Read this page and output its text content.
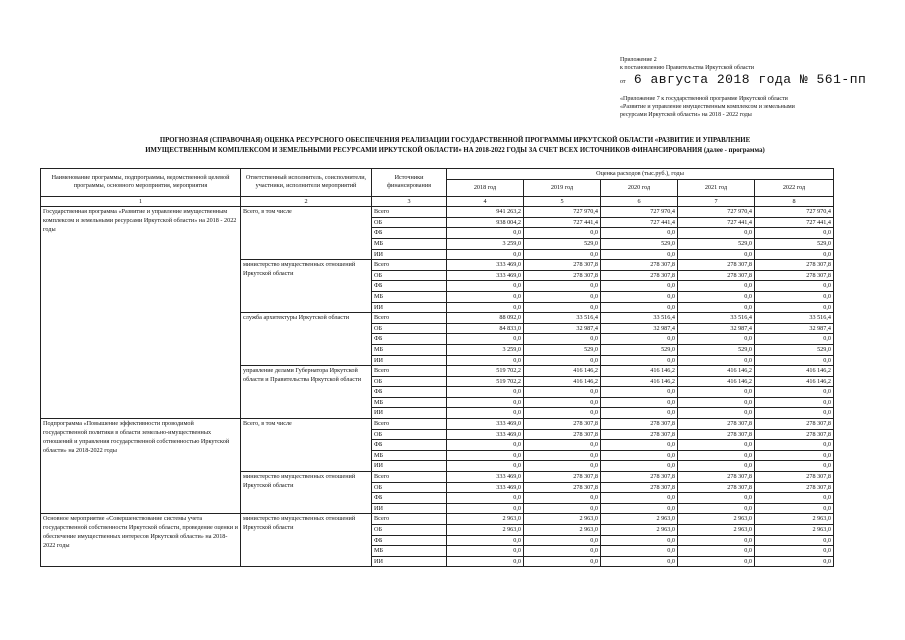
Приложение 2
к постановлению Правительства Иркутской области
от 6 августа 2018 года № 561-пп
«Приложение 7 к государственной программе Иркутской области
«Развитие и управление имущественным комплексом и земельными
ресурсами Иркутской области» на 2018 - 2022 годы
ПРОГНОЗНАЯ (СПРАВОЧНАЯ) ОЦЕНКА РЕСУРСНОГО ОБЕСПЕЧЕНИЯ РЕАЛИЗАЦИИ ГОСУДАРСТВЕННОЙ ПРОГРАММЫ ИРКУТСКОЙ ОБЛАСТИ «РАЗВИТИЕ И УПРАВЛЕНИЕ
ИМУЩЕСТВЕННЫМ КОМПЛЕКСОМ И ЗЕМЕЛЬНЫМИ РЕСУРСАМИ ИРКУТСКОЙ ОБЛАСТИ» НА 2018-2022 ГОДЫ ЗА СЧЕТ ВСЕХ ИСТОЧНИКОВ ФИНАНСИРОВАНИЯ (далее - программа)
Наименование программы, подпрограммы, ведомственной целевой программы, основного мероприятия, мероприятия	Ответственный исполнитель, соисполнители, участники, исполнители мероприятий	Источники финансирования	Оценка расходов (тыс.руб.), годы				
			2018 год	2019 год	2020 год	2021 год	2022 год
1	2	3	4	5	6	7	8
Государственная программа «Развитие и управление имущественным комплексом и земельными ресурсами Иркутской области» на 2018 - 2022 годы	Всего, в том числе	Всего	941 263,2	727 970,4	727 970,4	727 970,4	727 970,4
		ОБ	938 004,2	727 441,4	727 441,4	727 441,4	727 441,4
		ФБ	0,0	0,0	0,0	0,0	0,0
		МБ	3 259,0	529,0	529,0	529,0	529,0
		ИИ	0,0	0,0	0,0	0,0	0,0
	министерство имущественных отношений Иркутской области	Всего	333 469,0	278 307,8	278 307,8	278 307,8	278 307,8
		ОБ	333 469,0	278 307,8	278 307,8	278 307,8	278 307,8
		ФБ	0,0	0,0	0,0	0,0	0,0
		МБ	0,0	0,0	0,0	0,0	0,0
		ИИ	0,0	0,0	0,0	0,0	0,0
	служба архитектуры Иркутской области	Всего	88 092,0	33 516,4	33 516,4	33 516,4	33 516,4
		ОБ	84 833,0	32 987,4	32 987,4	32 987,4	32 987,4
		ФБ	0,0	0,0	0,0	0,0	0,0
		МБ	3 259,0	529,0	529,0	529,0	529,0
		ИИ	0,0	0,0	0,0	0,0	0,0
	управление делами Губернатора Иркутской области и Правительства Иркутской области	Всего	519 702,2	416 146,2	416 146,2	416 146,2	416 146,2
		ОБ	519 702,2	416 146,2	416 146,2	416 146,2	416 146,2
		ФБ	0,0	0,0	0,0	0,0	0,0
		МБ	0,0	0,0	0,0	0,0	0,0
		ИИ	0,0	0,0	0,0	0,0	0,0
Подпрограмма «Повышение эффективности проводимой государственной политики в области земельно-имущественных отношений и управления государственной собственностью Иркутской области» на 2018-2022 годы	Всего, в том числе	Всего	333 469,0	278 307,8	278 307,8	278 307,8	278 307,8
		ОБ	333 469,0	278 307,8	278 307,8	278 307,8	278 307,8
		ФБ	0,0	0,0	0,0	0,0	0,0
		МБ	0,0	0,0	0,0	0,0	0,0
		ИИ	0,0	0,0	0,0	0,0	0,0
	министерство имущественных отношений Иркутской области	Всего	333 469,0	278 307,8	278 307,8	278 307,8	278 307,8
		ОБ	333 469,0	278 307,8	278 307,8	278 307,8	278 307,8
		ФБ	0,0	0,0	0,0	0,0	0,0
		ИИ	0,0	0,0	0,0	0,0	0,0
Основное мероприятие «Совершенствование системы учета государственной собственности Иркутской области, проведение оценки и обеспечение имущественных интересов Иркутской области» на 2018-2022 годы	министерство имущественных отношений Иркутской области	Всего	2 963,0	2 963,0	2 963,0	2 963,0	2 963,0
		ОБ	2 963,0	2 963,0	2 963,0	2 963,0	2 963,0
		ФБ	0,0	0,0	0,0	0,0	0,0
		МБ	0,0	0,0	0,0	0,0	0,0
		ИИ	0,0	0,0	0,0	0,0	0,0
